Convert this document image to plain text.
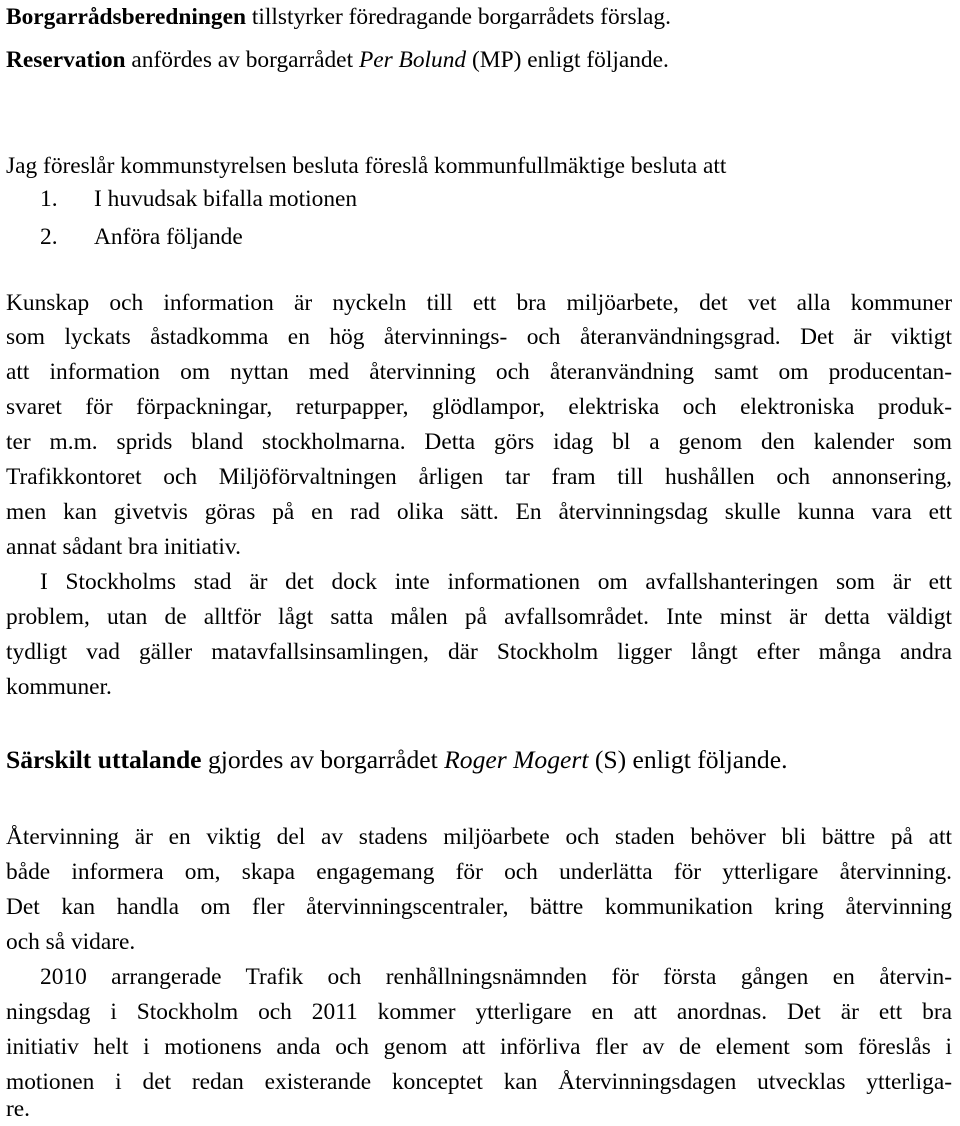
Borgarrådsberedningen tillstyrker föredragande borgarrådets förslag.
Reservation anfördes av borgarrådet Per Bolund (MP) enligt följande.
Jag föreslår kommunstyrelsen besluta föreslå kommunfullmäktige besluta att
1. I huvudsak bifalla motionen
2. Anföra följande
Kunskap och information är nyckeln till ett bra miljöarbete, det vet alla kommuner
som lyckats åstadkomma en hög återvinnings- och återanvändningsgrad. Det är viktigt
att information om nyttan med återvinning och återanvändning samt om producentan-
svaret för förpackningar, returpapper, glödlampor, elektriska och elektroniska produk-
ter m.m. sprids bland stockholmarna. Detta görs idag bl a genom den kalender som
Trafikkontoret och Miljöförvaltningen årligen tar fram till hushållen och annonsering,
men kan givetvis göras på en rad olika sätt. En återvinningsdag skulle kunna vara ett
annat sådant bra initiativ.
I Stockholms stad är det dock inte informationen om avfallshanteringen som är ett
problem, utan de alltför lågt satta målen på avfallsområdet. Inte minst är detta väldigt
tydligt vad gäller matavfallsinsamlingen, där Stockholm ligger långt efter många andra
kommuner.
Särskilt uttalande gjordes av borgarrådet Roger Mogert (S) enligt följande.
Återvinning är en viktig del av stadens miljöarbete och staden behöver bli bättre på att
både informera om, skapa engagemang för och underlätta för ytterligare återvinning.
Det kan handla om fler återvinningscentraler, bättre kommunikation kring återvinning
och så vidare.
2010 arrangerade Trafik och renhållningsnämnden för första gången en återvin-
ningsdag i Stockholm och 2011 kommer ytterligare en att anordnas. Det är ett bra
initiativ helt i motionens anda och genom att införliva fler av de element som föreslås i
motionen i det redan existerande konceptet kan Återvinningsdagen utvecklas ytterliga-
re.
